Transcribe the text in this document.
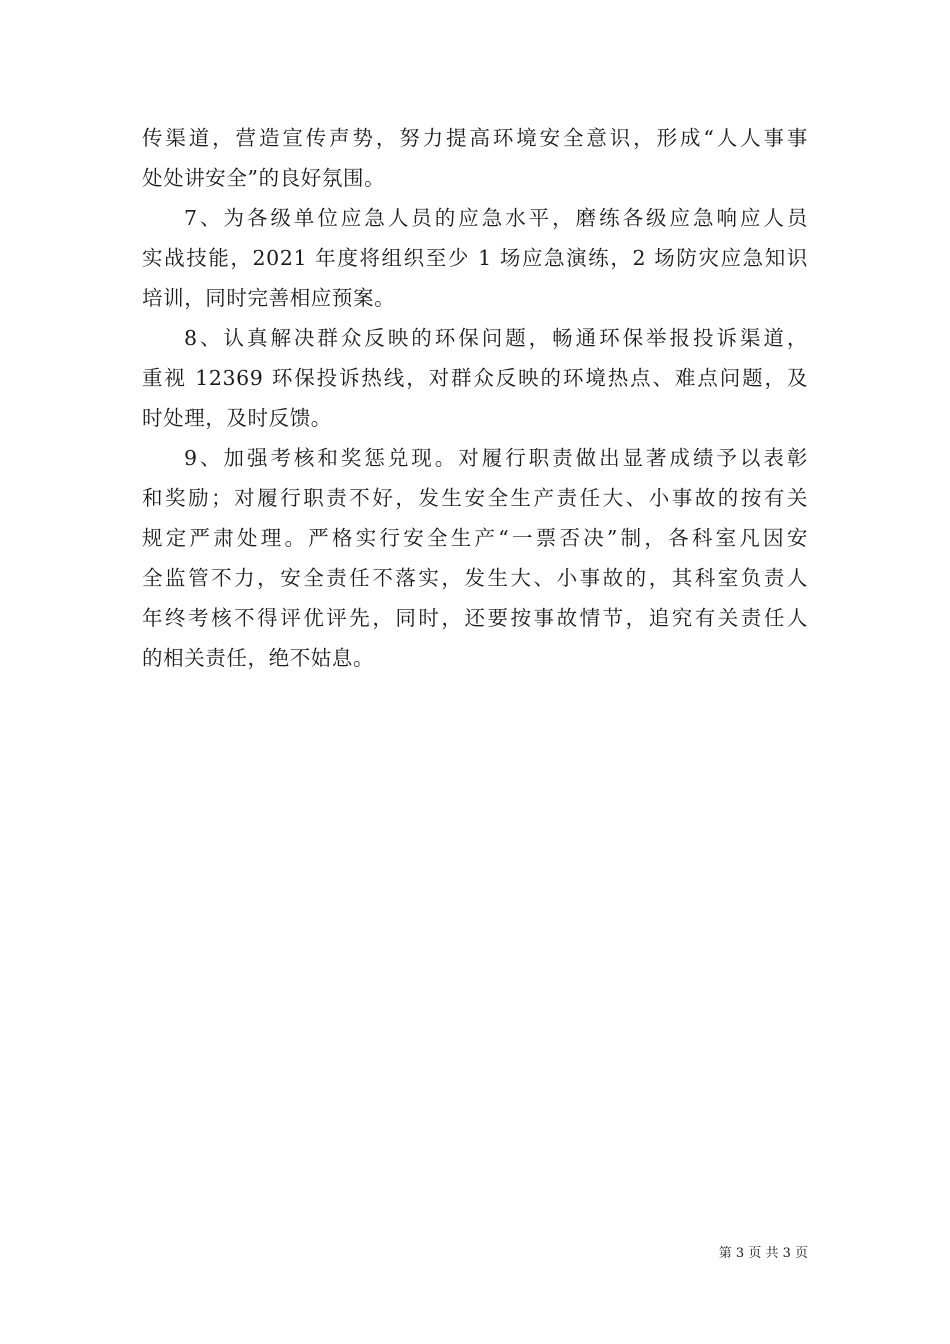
传渠道，营造宣传声势，努力提高环境安全意识，形成“人人事事
处处讲安全”的良好氛围。
7、为各级单位应急人员的应急水平，磨练各级应急响应人员
实战技能，2021 年度将组织至少 1 场应急演练，2 场防灾应急知识
培训，同时完善相应预案。
8、认真解决群众反映的环保问题，畅通环保举报投诉渠道，
重视 12369 环保投诉热线，对群众反映的环境热点、难点问题，及
时处理，及时反馈。
9、加强考核和奖惩兑现。对履行职责做出显著成绩予以表彰
和奖励；对履行职责不好，发生安全生产责任大、小事故的按有关
规定严肃处理。严格实行安全生产“一票否决”制，各科室凡因安
全监管不力，安全责任不落实，发生大、小事故的，其科室负责人
年终考核不得评优评先，同时，还要按事故情节，追究有关责任人
的相关责任，绝不姑息。
第 3 页 共 3 页
